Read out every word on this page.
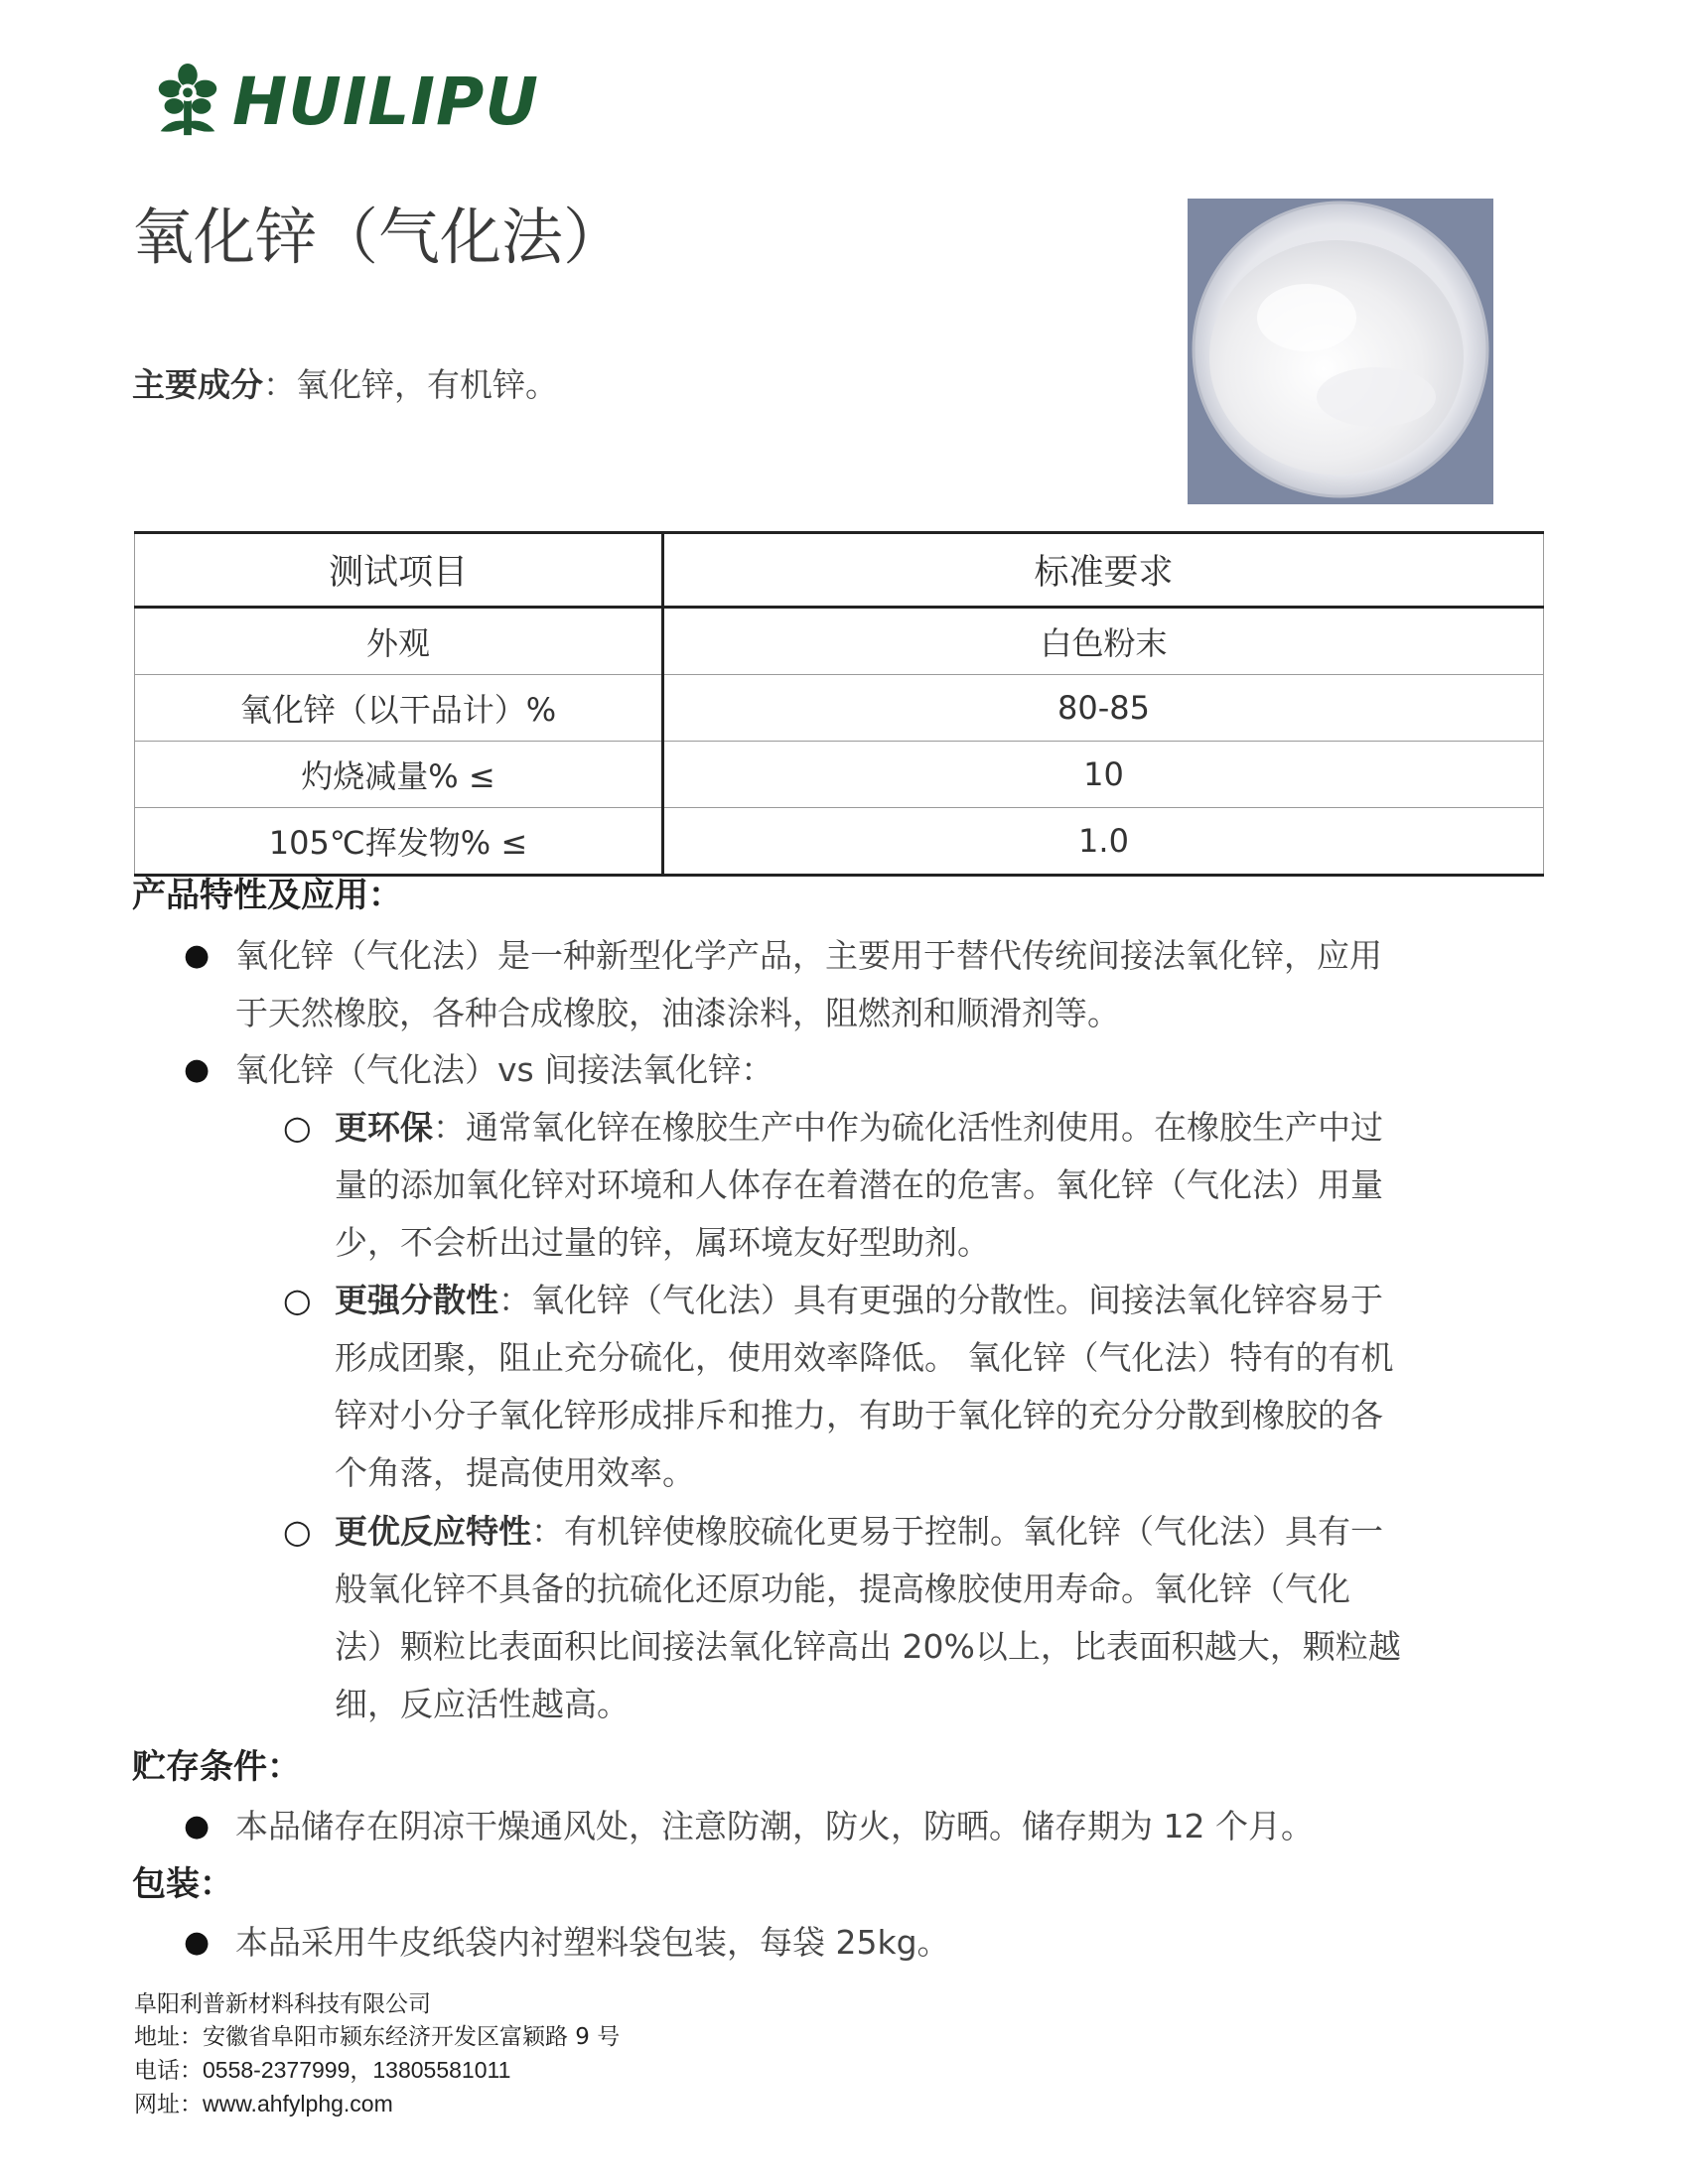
HUILIPU
氧化锌（气化法）
主要成分：氧化锌，有机锌。
测试项目	标准要求
外观	白色粉末
氧化锌（以干品计）%	80-85
灼烧减量% ≤	10
105℃挥发物% ≤	1.0
产品特性及应用：
● 氧化锌（气化法）是一种新型化学产品，主要用于替代传统间接法氧化锌，应用
于天然橡胶，各种合成橡胶，油漆涂料，阻燃剂和顺滑剂等。
● 氧化锌（气化法）vs 间接法氧化锌：
○ 更环保：通常氧化锌在橡胶生产中作为硫化活性剂使用。在橡胶生产中过
量的添加氧化锌对环境和人体存在着潜在的危害。氧化锌（气化法）用量
少，不会析出过量的锌，属环境友好型助剂。
○ 更强分散性：氧化锌（气化法）具有更强的分散性。间接法氧化锌容易于
形成团聚，阻止充分硫化，使用效率降低。 氧化锌（气化法）特有的有机
锌对小分子氧化锌形成排斥和推力，有助于氧化锌的充分分散到橡胶的各
个角落，提高使用效率。
○ 更优反应特性：有机锌使橡胶硫化更易于控制。氧化锌（气化法）具有一
般氧化锌不具备的抗硫化还原功能，提高橡胶使用寿命。氧化锌（气化
法）颗粒比表面积比间接法氧化锌高出 20%以上，比表面积越大，颗粒越
细，反应活性越高。
贮存条件：
● 本品储存在阴凉干燥通风处，注意防潮，防火，防晒。储存期为 12 个月。
包装：
● 本品采用牛皮纸袋内衬塑料袋包装，每袋 25kg。
阜阳利普新材料科技有限公司
地址：安徽省阜阳市颍东经济开发区富颖路 9 号
电话：0558-2377999，13805581011
网址：www.ahfylphg.com
